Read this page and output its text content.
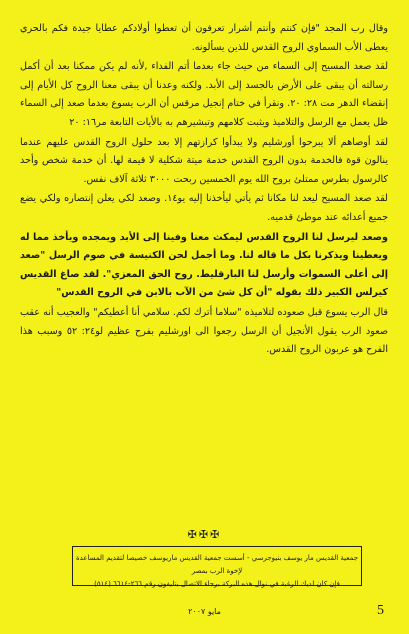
وقال رب المجد "فإن كنتم وأنتم أشرار تعرفون أن تعطوا أولادكم عطايا جيدة فكم بالحري يعطى الأب السماوي الروح القدس للذين يسألونه.

لقد صعد المسيح إلى السماء من حيث جاء بعدما أتم الفداء ,لأنه لم يكن ممكنا بعد أن أكمل رسالته أن يبقى على الأرض بالجسد إلى الأبد. ولكنه وعدنا أن يبقى معنا الروح كل الأيام إلى إنقضاء الدهر مت ٢٨: ٢٠. ونقرأ في ختام إنجيل مرقس أن الرب يسوع بعدما صعد إلى السماء ظل يعمل مع الرسل والتلاميذ ويثبت كلامهم وتبشيرهم به بالأيات التابعة مر١٦: ٢٠

لقد أوصاهم ألا يبرحوا أورشليم ولا يبدأوا كرازتهم إلا بعد حلول الروح القدس عليهم عندما ينالون قوة فالخدمة بدون الروح القدس خدمة ميتة شكلية لا قيمة لها. أن خدمة شخص وأحد كالرسول بطرس ممتلئ بروح الله يوم الخمسين ربحت ٣٠٠٠ ثلاثة آلاف نفس.

لقد صعد المسيح ليعد لنا مكانا ثم يأتي ليأخذنا إليه يو١٤. وصعد لكي يعلن إنتصاره ولكي يضع جميع أعدائه عند موطئ قدميه.

وصعد ليرسل لنا الروح القدس ليمكث معنا وفينا إلى الأبد ويمجده ويأخذ مما له ويعطينا ويذكرنا بكل ما قاله لنا. وما أجمل لحن الكنيسة في صوم الرسل "صعد إلى أعلى السموات وأرسل لنا البارقليط. روح الحق المعزي". لقد صاغ القديس كيرلس الكبير ذلك بقوله "أن كل شئ من الآب بالابن في الروح القدس"

قال الرب يسوع قبل صعوده لتلاميذه "سلاما أترك لكم. سلامي أنا أعطيكم" والعجيب أنه عقب صعود الرب يقول الأنجيل أن الرسل رجعوا الى اورشليم بفرح عظيم لو٢٤: ٥٢ وسبب هذا الفرح هو عربون الروح القدس.

✠✠✠
جمعية القديس مار يوسف بنيوجرسي - أسست جمعية القديس ماريوسف خصيصا لتقديم المساعدة لإخوة الرب بمصر
فإن كان لديك الرغبة في نوال هذه البركة برجاء الاتصال بتليفون رقم ٢٦٦-٦٦١٤ (٥١٤)
مايو ٢٠٠٧	5
